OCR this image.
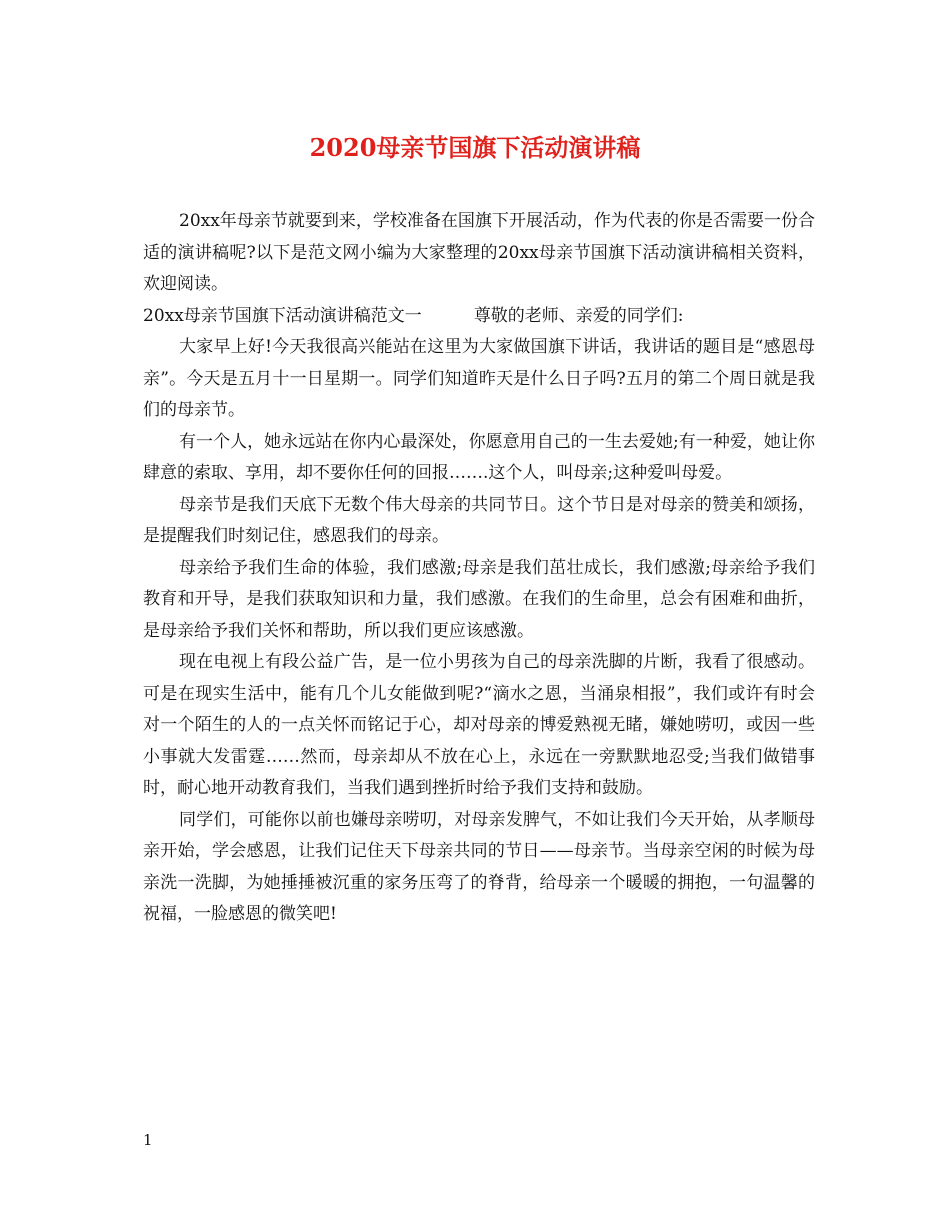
2020母亲节国旗下活动演讲稿

20xx年母亲节就要到来，学校准备在国旗下开展活动，作为代表的你是否需要一份合适的演讲稿呢?以下是范文网小编为大家整理的20xx母亲节国旗下活动演讲稿相关资料，欢迎阅读。

20xx母亲节国旗下活动演讲稿范文一	尊敬的老师、亲爱的同学们:

大家早上好!今天我很高兴能站在这里为大家做国旗下讲话，我讲话的题目是“感恩母亲”。今天是五月十一日星期一。同学们知道昨天是什么日子吗?五月的第二个周日就是我们的母亲节。

有一个人，她永远站在你内心最深处，你愿意用自己的一生去爱她;有一种爱，她让你肆意的索取、享用，却不要你任何的回报…….这个人，叫母亲;这种爱叫母爱。

母亲节是我们天底下无数个伟大母亲的共同节日。这个节日是对母亲的赞美和颂扬，是提醒我们时刻记住，感恩我们的母亲。

母亲给予我们生命的体验，我们感激;母亲是我们茁壮成长，我们感激;母亲给予我们教育和开导，是我们获取知识和力量，我们感激。在我们的生命里，总会有困难和曲折，是母亲给予我们关怀和帮助，所以我们更应该感激。

现在电视上有段公益广告，是一位小男孩为自己的母亲洗脚的片断，我看了很感动。可是在现实生活中，能有几个儿女能做到呢?“滴水之恩，当涌泉相报”，我们或许有时会对一个陌生的人的一点关怀而铭记于心，却对母亲的博爱熟视无睹，嫌她唠叨，或因一些小事就大发雷霆……然而，母亲却从不放在心上，永远在一旁默默地忍受;当我们做错事时，耐心地开动教育我们，当我们遇到挫折时给予我们支持和鼓励。

同学们，可能你以前也嫌母亲唠叨，对母亲发脾气，不如让我们今天开始，从孝顺母亲开始，学会感恩，让我们记住天下母亲共同的节日——母亲节。当母亲空闲的时候为母亲洗一洗脚，为她捶捶被沉重的家务压弯了的脊背，给母亲一个暖暖的拥抱，一句温馨的祝福，一脸感恩的微笑吧!

1
